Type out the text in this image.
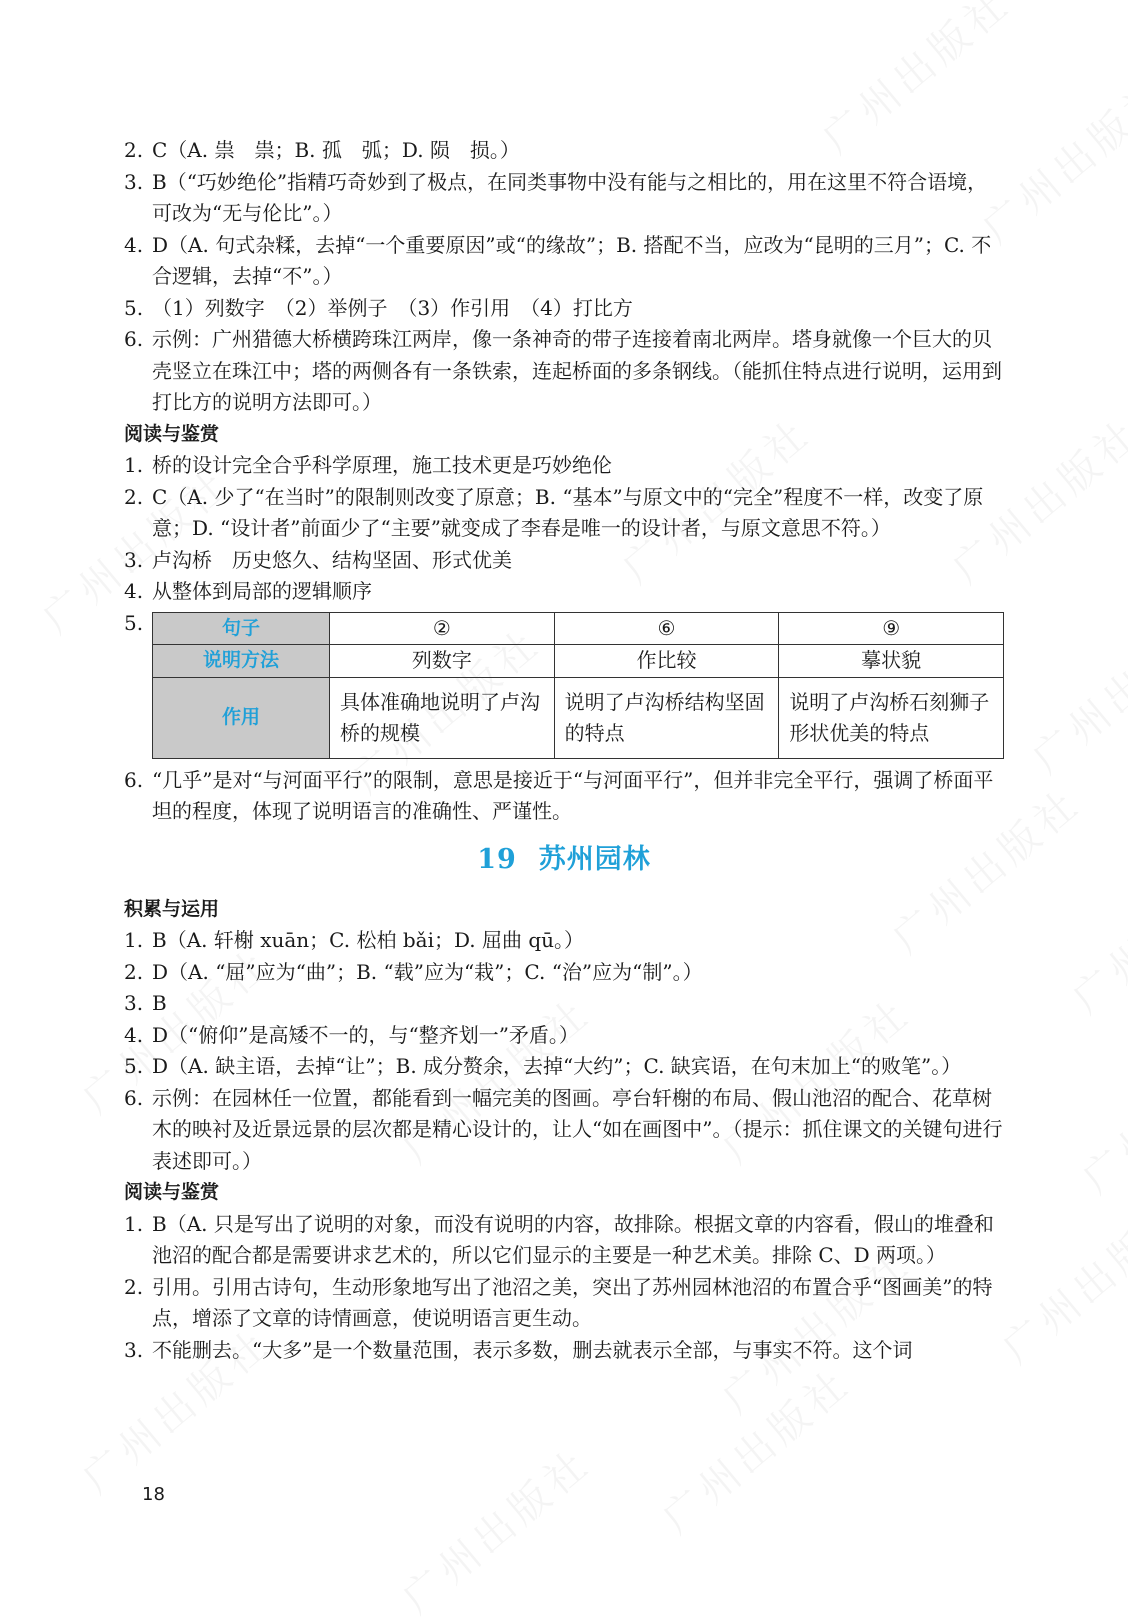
2. C（A. 祟　祟；B. 孤　弧；D. 陨　损。）
3. B（“巧妙绝伦”指精巧奇妙到了极点，在同类事物中没有能与之相比的，用在这里不符合语境，可改为“无与伦比”。）
4. D（A. 句式杂糅，去掉“一个重要原因”或“的缘故”；B. 搭配不当，应改为“昆明的三月”；C. 不合逻辑，去掉“不”。）
5. （1）列数字　（2）举例子　（3）作引用　（4）打比方
6. 示例：广州猎德大桥横跨珠江两岸，像一条神奇的带子连接着南北两岸。塔身就像一个巨大的贝壳竖立在珠江中；塔的两侧各有一条铁索，连起桥面的多条钢线。（能抓住特点进行说明，运用到打比方的说明方法即可。）
阅读与鉴赏
1. 桥的设计完全合乎科学原理，施工技术更是巧妙绝伦
2. C（A. 少了“在当时”的限制则改变了原意；B. “基本”与原文中的“完全”程度不一样，改变了原意；D. “设计者”前面少了“主要”就变成了李春是唯一的设计者，与原文意思不符。）
3. 卢沟桥　历史悠久、结构坚固、形式优美
4. 从整体到局部的逻辑顺序
5.	句子	②	⑥	⑨
说明方法	列数字	作比较	摹状貌
作用	具体准确地说明了卢沟桥的规模	说明了卢沟桥结构坚固的特点	说明了卢沟桥石刻狮子形状优美的特点
6. “几乎”是对“与河面平行”的限制，意思是接近于“与河面平行”，但并非完全平行，强调了桥面平坦的程度，体现了说明语言的准确性、严谨性。
19 苏州园林
积累与运用
1. B（A. 轩榭 xuān；C. 松柏 bǎi；D. 屈曲 qū。）
2. D（A. “屈”应为“曲”；B. “载”应为“栽”；C. “治”应为“制”。）
3. B
4. D（“俯仰”是高矮不一的，与“整齐划一”矛盾。）
5. D（A. 缺主语，去掉“让”；B. 成分赘余，去掉“大约”；C. 缺宾语，在句末加上“的败笔”。）
6. 示例：在园林任一位置，都能看到一幅完美的图画。亭台轩榭的布局、假山池沼的配合、花草树木的映衬及近景远景的层次都是精心设计的，让人“如在画图中”。（提示：抓住课文的关键句进行表述即可。）
阅读与鉴赏
1. B（A. 只是写出了说明的对象，而没有说明的内容，故排除。根据文章的内容看，假山的堆叠和池沼的配合都是需要讲求艺术的，所以它们显示的主要是一种艺术美。排除 C、D 两项。）
2. 引用。引用古诗句，生动形象地写出了池沼之美，突出了苏州园林池沼的布置合乎“图画美”的特点，增添了文章的诗情画意，使说明语言更生动。
3. 不能删去。“大多”是一个数量范围，表示多数，删去就表示全部，与事实不符。这个词
18
